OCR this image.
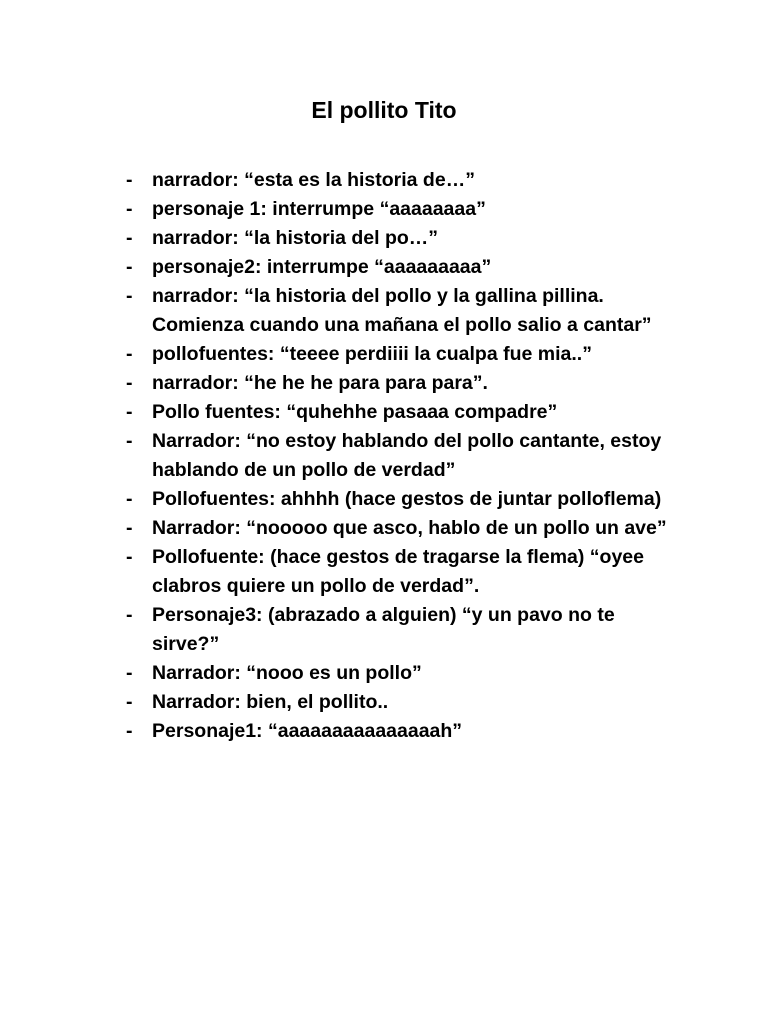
El pollito Tito
-	narrador: “esta es la historia de…”
-	personaje 1: interrumpe “aaaaaaaa”
-	narrador: “la historia del po…”
-	personaje2: interrumpe “aaaaaaaaa”
-	narrador: “la historia del pollo y la gallina pillina. Comienza cuando una mañana el pollo salio a cantar”
-	pollofuentes: “teeee perdiiii la cualpa fue mia..”
-	narrador: “he he he para para para”.
-	Pollo fuentes: “quhehhe pasaaa compadre”
-	Narrador: “no estoy hablando del pollo cantante, estoy hablando de un pollo de verdad”
-	Pollofuentes: ahhhh (hace gestos de juntar polloflema)
-	Narrador: “nooooo que asco, hablo de un pollo un ave”
-	Pollofuente: (hace gestos de tragarse la flema) “oyee clabros quiere un pollo de verdad”.
-	Personaje3: (abrazado a alguien) “y un pavo no te sirve?”
-	Narrador: “nooo es un pollo”
-	Narrador: bien, el pollito..
-	Personaje1: “aaaaaaaaaaaaaaah”
